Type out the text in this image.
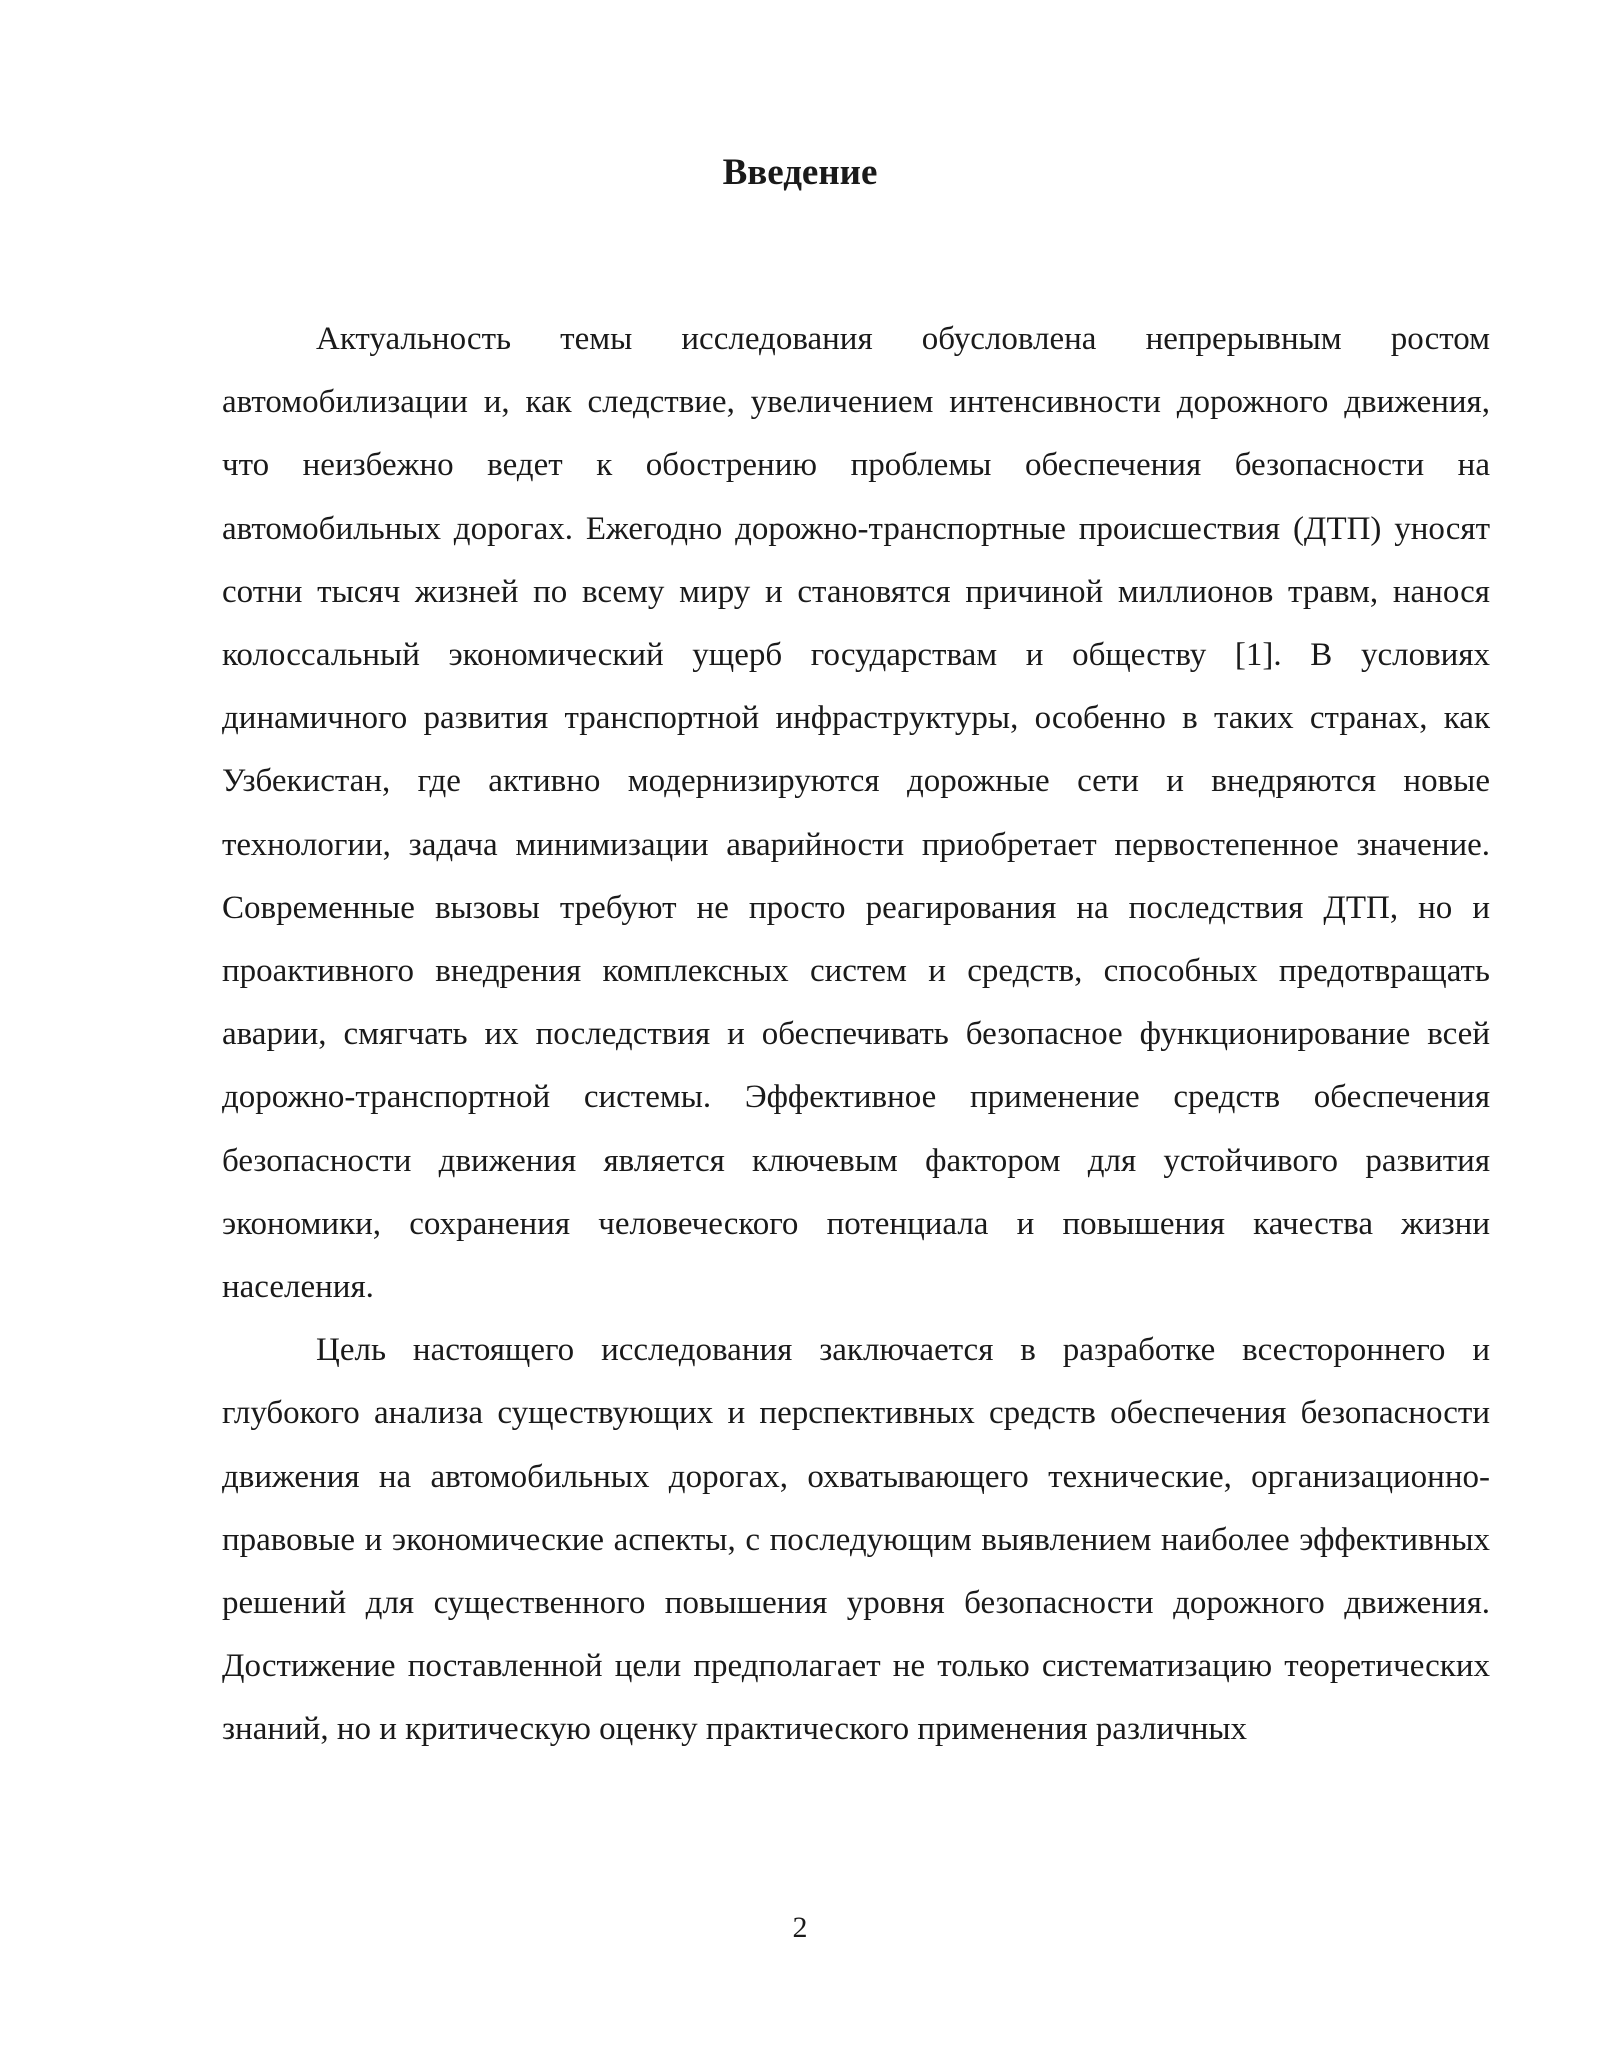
Введение

Актуальность темы исследования обусловлена непрерывным ростом автомобилизации и, как следствие, увеличением интенсивности дорожного движения, что неизбежно ведет к обострению проблемы обеспечения безопасности на автомобильных дорогах. Ежегодно дорожно-транспортные происшествия (ДТП) уносят сотни тысяч жизней по всему миру и становятся причиной миллионов травм, нанося колоссальный экономический ущерб государствам и обществу [1]. В условиях динамичного развития транспортной инфраструктуры, особенно в таких странах, как Узбекистан, где активно модернизируются дорожные сети и внедряются новые технологии, задача минимизации аварийности приобретает первостепенное значение. Современные вызовы требуют не просто реагирования на последствия ДТП, но и проактивного внедрения комплексных систем и средств, способных предотвращать аварии, смягчать их последствия и обеспечивать безопасное функционирование всей дорожно-транспортной системы. Эффективное применение средств обеспечения безопасности движения является ключевым фактором для устойчивого развития экономики, сохранения человеческого потенциала и повышения качества жизни населения.

Цель настоящего исследования заключается в разработке всестороннего и глубокого анализа существующих и перспективных средств обеспечения безопасности движения на автомобильных дорогах, охватывающего технические, организационно-правовые и экономические аспекты, с последующим выявлением наиболее эффективных решений для существенного повышения уровня безопасности дорожного движения. Достижение поставленной цели предполагает не только систематизацию теоретических знаний, но и критическую оценку практического применения различных

2
